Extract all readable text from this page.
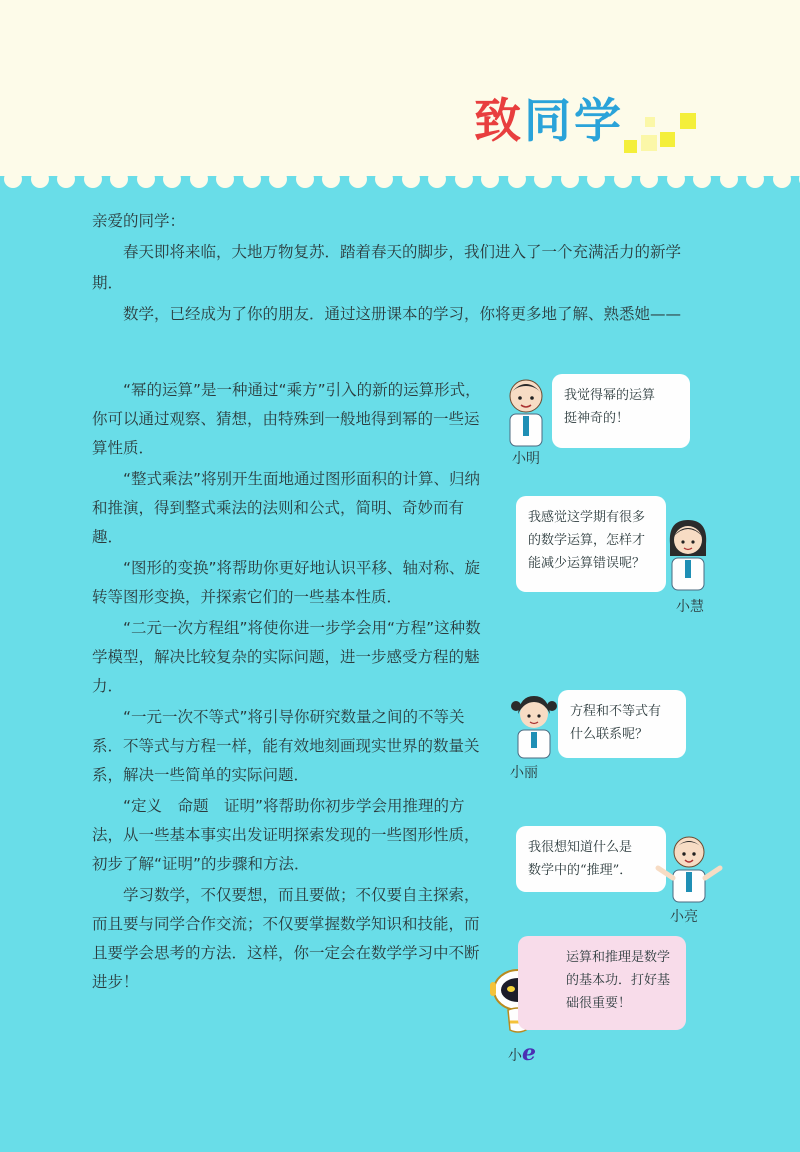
致同学

亲爱的同学：

春天即将来临，大地万物复苏．踏着春天的脚步，我们进入了一个充满活力的新学期．

数学，已经成为了你的朋友．通过这册课本的学习，你将更多地了解、熟悉她——

“幂的运算”是一种通过“乘方”引入的新的运算形式，你可以通过观察、猜想，由特殊到一般地得到幂的一些运算性质．

“整式乘法”将别开生面地通过图形面积的计算、归纳和推演，得到整式乘法的法则和公式，简明、奇妙而有趣．

“图形的变换”将帮助你更好地认识平移、轴对称、旋转等图形变换，并探索它们的一些基本性质．

“二元一次方程组”将使你进一步学会用“方程”这种数学模型，解决比较复杂的实际问题，进一步感受方程的魅力．

“一元一次不等式”将引导你研究数量之间的不等关系．不等式与方程一样，能有效地刻画现实世界的数量关系，解决一些简单的实际问题．

“定义　命题　证明”将帮助你初步学会用推理的方法，从一些基本事实出发证明探索发现的一些图形性质，初步了解“证明”的步骤和方法．

学习数学，不仅要想，而且要做；不仅要自主探索，而且要与同学合作交流；不仅要掌握数学知识和技能，而且要学会思考的方法．这样，你一定会在数学学习中不断进步！

我觉得幂的运算
挺神奇的！
小明
我感觉这学期有很多
的数学运算，怎样才
能减少运算错误呢？
小慧
方程和不等式有
什么联系呢？
小丽
我很想知道什么是
数学中的“推理”．
小亮
运算和推理是数学
的基本功．打好基
础很重要！
小e
